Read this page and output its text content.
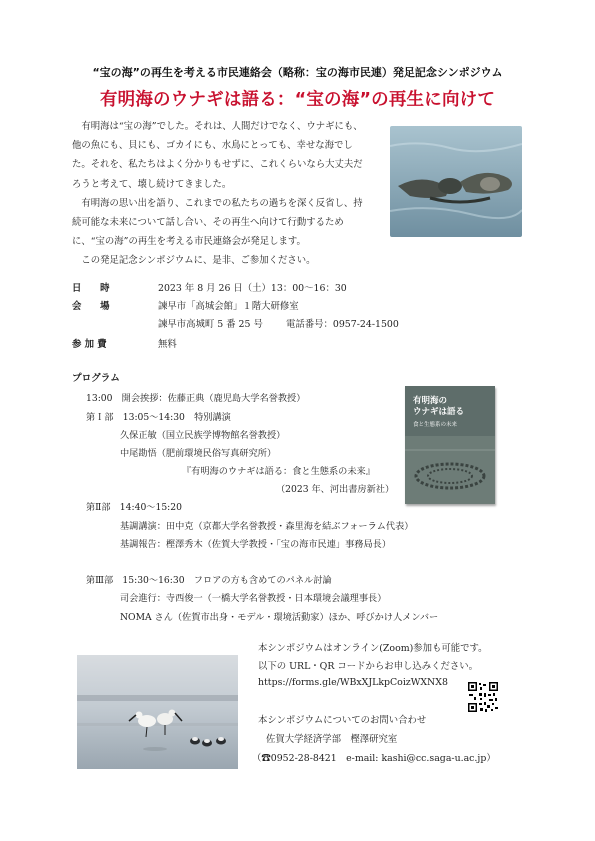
“宝の海”の再生を考える市民連絡会（略称：宝の海市民連）発足記念シンポジウム
有明海のウナギは語る：“宝の海”の再生に向けて

有明海は“宝の海”でした。それは、人間だけでなく、ウナギにも、他の魚にも、貝にも、ゴカイにも、水鳥にとっても、幸せな海でした。それを、私たちはよく分かりもせずに、これくらいなら大丈夫だろうと考えて、壊し続けてきました。

有明海の思い出を語り、これまでの私たちの過ちを深く反省し、持続可能な未来について話し合い、その再生へ向けて行動するために、“宝の海”の再生を考える市民連絡会が発足します。

この発足記念シンポジウムに、是非、ご参加ください。

日　　時	2023 年 8 月 26 日（土）13：00～16：30
会　　場	諫早市「高城会館」１階大研修室
諫早市高城町 5 番 25 号 電話番号：0957-24-1500
参 加 費	無料
プログラム
13:00　開会挨拶：佐藤正典（鹿児島大学名誉教授）
第Ｉ部　13:05～14:30　特別講演
久保正敏（国立民族学博物館名誉教授）
中尾勘悟（肥前環境民俗写真研究所）
『有明海のウナギは語る：食と生態系の未来』
（2023 年、河出書房新社）
第Ⅱ部　14:40～15:20
基調講演：田中克（京都大学名誉教授・森里海を結ぶフォーラム代表）
基調報告：樫澤秀木（佐賀大学教授・「宝の海市民連」事務局長）
第Ⅲ部　15:30～16:30　フロアの方も含めてのパネル討論
司会進行：寺西俊一（一橋大学名誉教授・日本環境会議理事長）
NOMA さん（佐賀市出身・モデル・環境活動家）ほか、呼びかけ人メンバー
有明海の
ウナギは語る
食と生態系の未来
本シンポジウムはオンライン(Zoom)参加も可能です。
以下の URL・QR コードからお申し込みください。
https://forms.gle/WBxXJLkpCoizWXNX8
本シンポジウムについてのお問い合わせ
佐賀大学経済学部　樫澤研究室
（☎0952-28-8421　e-mail: kashi@cc.saga-u.ac.jp）
